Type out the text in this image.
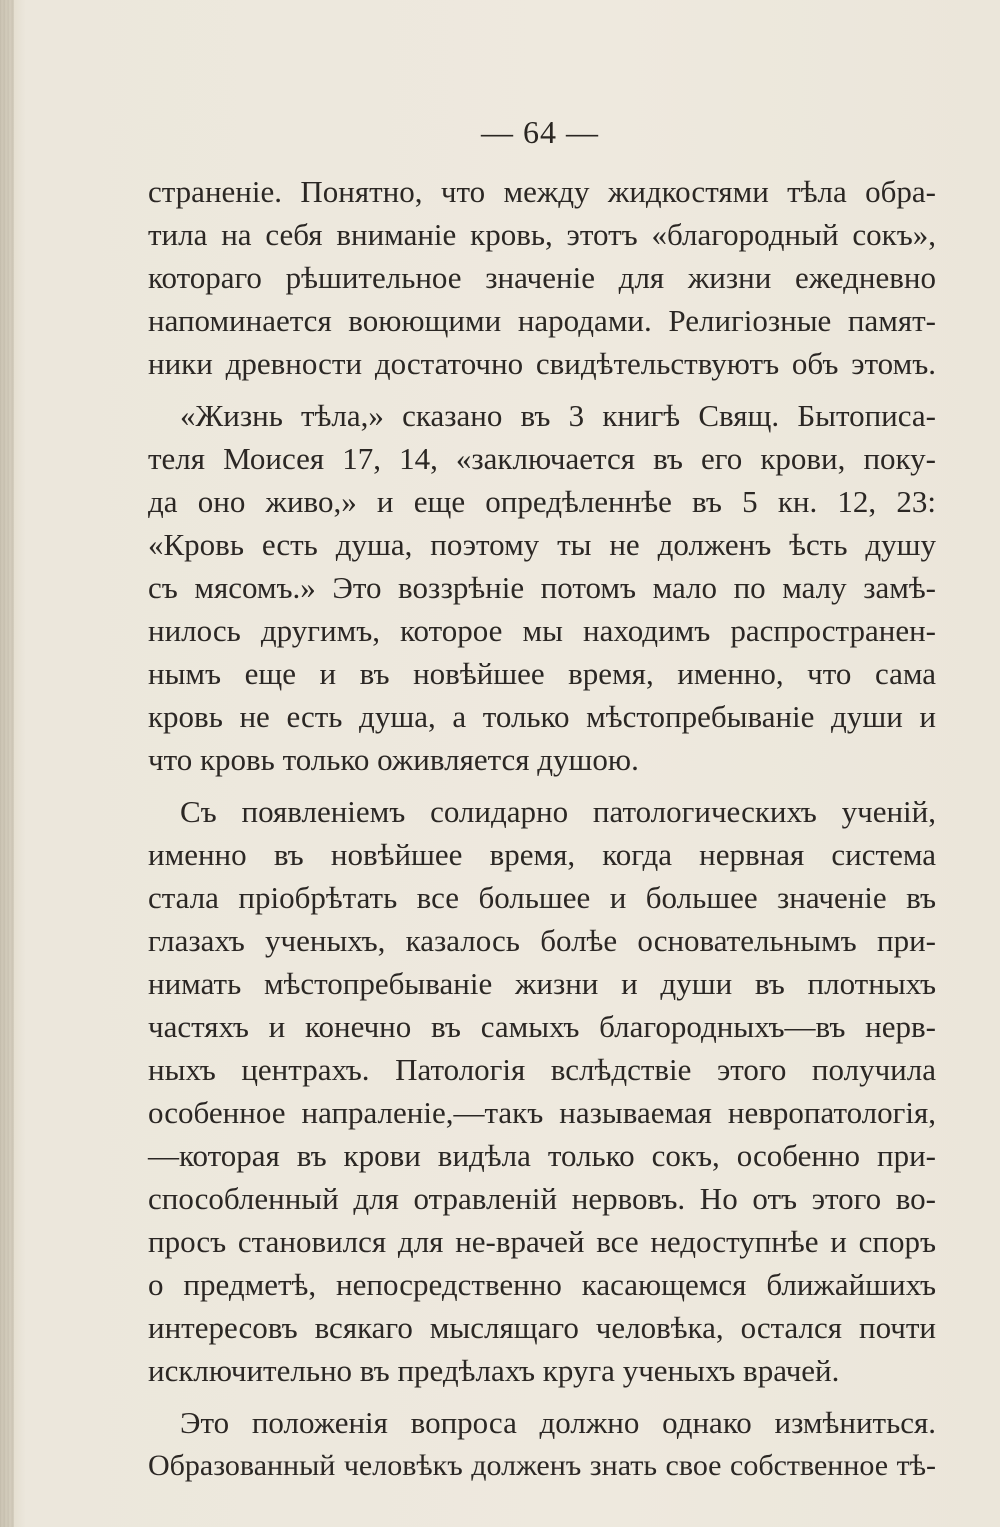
— 64 —

страненіе. Понятно, что между жидкостями тѣла обра-
тила на себя вниманіе кровь, этотъ «благородный сокъ»,
котораго рѣшительное значеніе для жизни ежедневно
напоминается воюющими народами. Религіозные памят-
ники древности достаточно свидѣтельствуютъ объ этомъ.

«Жизнь тѣла,» сказано въ 3 книгѣ Свящ. Бытописа-
теля Моисея 17, 14, «заключается въ его крови, поку-
да оно живо,» и еще опредѣленнѣе въ 5 кн. 12, 23:
«Кровь есть душа, поэтому ты не долженъ ѣсть душу
съ мясомъ.» Это воззрѣніе потомъ мало по малу замѣ-
нилось другимъ, которое мы находимъ распространен-
нымъ еще и въ новѣйшее время, именно, что сама
кровь не есть душа, а только мѣстопребываніе души и
что кровь только оживляется душою.

Съ появленіемъ солидарно патологическихъ ученій,
именно въ новѣйшее время, когда нервная система
стала пріобрѣтать все большее и большее значеніе въ
глазахъ ученыхъ, казалось болѣе основательнымъ при-
нимать мѣстопребываніе жизни и души въ плотныхъ
частяхъ и конечно въ самыхъ благородныхъ—въ нерв-
ныхъ центрахъ. Патологія вслѣдствіе этого получила
особенное напраленіе,—такъ называемая невропатологія,
—которая въ крови видѣла только сокъ, особенно при-
способленный для отравленій нервовъ. Но отъ этого во-
просъ становился для не-врачей все недоступнѣе и споръ
о предметѣ, непосредственно касающемся ближайшихъ
интересовъ всякаго мыслящаго человѣка, остался почти
исключительно въ предѣлахъ круга ученыхъ врачей.

Это положенія вопроса должно однако измѣниться.
Образованный человѣкъ долженъ знать свое собственное тѣ-
